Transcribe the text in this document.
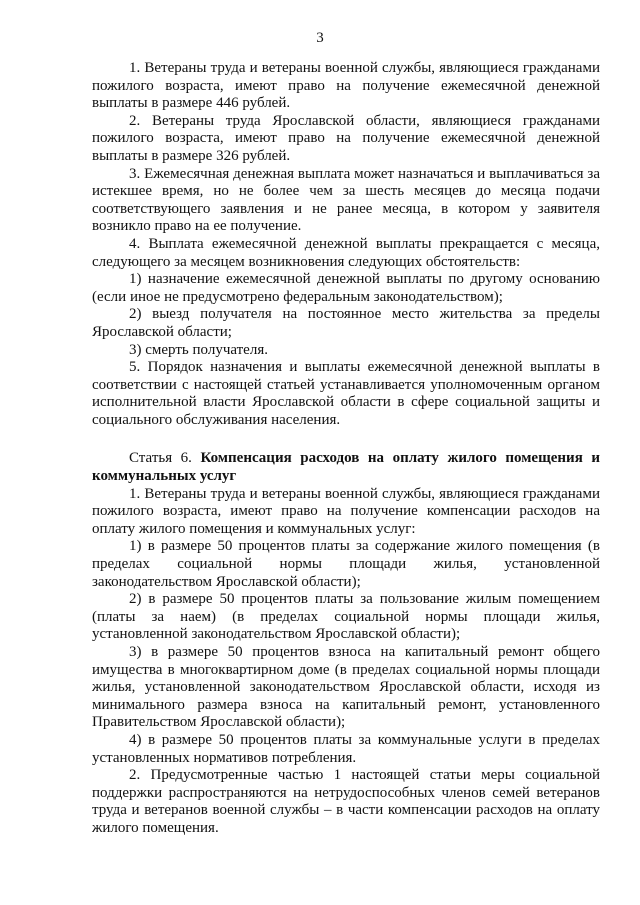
3

1. Ветераны труда и ветераны военной службы, являющиеся гражданами пожилого возраста, имеют право на получение ежемесячной денежной выплаты в размере 446 рублей.

2. Ветераны труда Ярославской области, являющиеся гражданами пожилого возраста, имеют право на получение ежемесячной денежной выплаты в размере 326 рублей.

3. Ежемесячная денежная выплата может назначаться и выплачиваться за истекшее время, но не более чем за шесть месяцев до месяца подачи соответствующего заявления и не ранее месяца, в котором у заявителя возникло право на ее получение.

4. Выплата ежемесячной денежной выплаты прекращается с месяца, следующего за месяцем возникновения следующих обстоятельств:

1) назначение ежемесячной денежной выплаты по другому основанию (если иное не предусмотрено федеральным законодательством);

2) выезд получателя на постоянное место жительства за пределы Ярославской области;

3) смерть получателя.

5. Порядок назначения и выплаты ежемесячной денежной выплаты в соответствии с настоящей статьей устанавливается уполномоченным органом исполнительной власти Ярославской области в сфере социальной защиты и социального обслуживания населения.

Статья 6. Компенсация расходов на оплату жилого помещения и коммунальных услуг

1. Ветераны труда и ветераны военной службы, являющиеся гражданами пожилого возраста, имеют право на получение компенсации расходов на оплату жилого помещения и коммунальных услуг:

1) в размере 50 процентов платы за содержание жилого помещения (в пределах социальной нормы площади жилья, установленной законодательством Ярославской области);

2) в размере 50 процентов платы за пользование жилым помещением (платы за наем) (в пределах социальной нормы площади жилья, установленной законодательством Ярославской области);

3) в размере 50 процентов взноса на капитальный ремонт общего имущества в многоквартирном доме (в пределах социальной нормы площади жилья, установленной законодательством Ярославской области, исходя из минимального размера взноса на капитальный ремонт, установленного Правительством Ярославской области);

4) в размере 50 процентов платы за коммунальные услуги в пределах установленных нормативов потребления.

2. Предусмотренные частью 1 настоящей статьи меры социальной поддержки распространяются на нетрудоспособных членов семей ветеранов труда и ветеранов военной службы – в части компенсации расходов на оплату жилого помещения.
